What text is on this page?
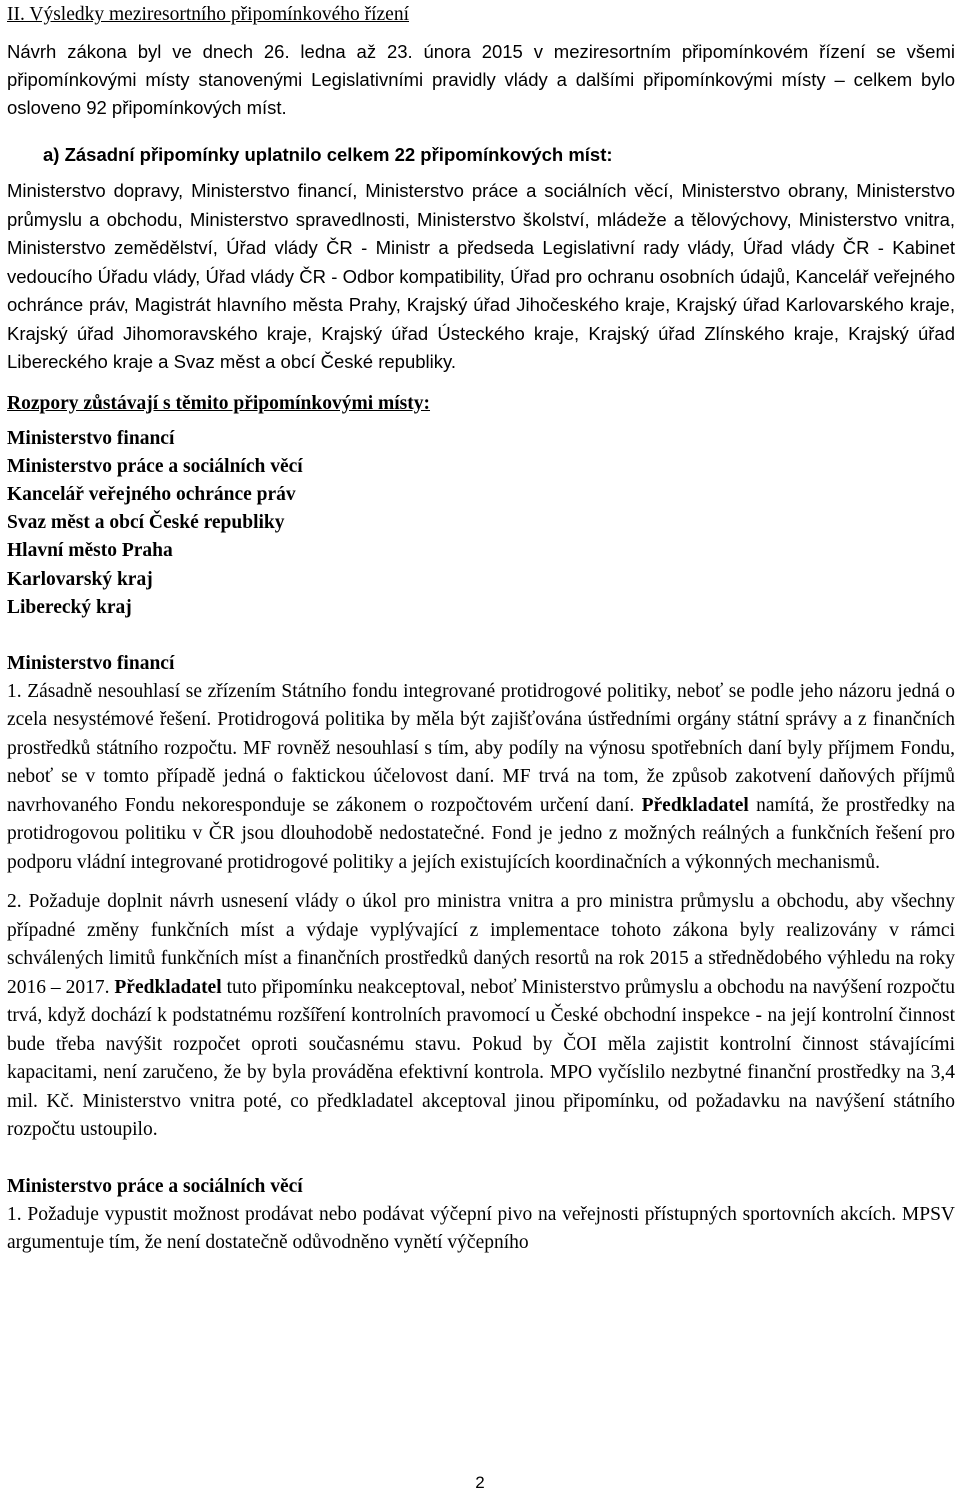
II. Výsledky meziresortního připomínkového řízení

Návrh zákona byl ve dnech 26. ledna až 23. února 2015 v meziresortním připomínkovém řízení se všemi připomínkovými místy stanovenými Legislativními pravidly vlády a dalšími připomínkovými místy – celkem bylo osloveno 92 připomínkových míst.

a) Zásadní připomínky uplatnilo celkem 22 připomínkových míst:

Ministerstvo dopravy, Ministerstvo financí, Ministerstvo práce a sociálních věcí, Ministerstvo obrany, Ministerstvo průmyslu a obchodu, Ministerstvo spravedlnosti, Ministerstvo školství, mládeže a tělovýchovy, Ministerstvo vnitra, Ministerstvo zemědělství, Úřad vlády ČR - Ministr a předseda Legislativní rady vlády, Úřad vlády ČR - Kabinet vedoucího Úřadu vlády, Úřad vlády ČR - Odbor kompatibility, Úřad pro ochranu osobních údajů, Kancelář veřejného ochránce práv, Magistrát hlavního města Prahy, Krajský úřad Jihočeského kraje, Krajský úřad Karlovarského kraje, Krajský úřad Jihomoravského kraje, Krajský úřad Ústeckého kraje, Krajský úřad Zlínského kraje, Krajský úřad Libereckého kraje a Svaz měst a obcí České republiky.

Rozpory zůstávají s těmito připomínkovými místy:
Ministerstvo financí
Ministerstvo práce a sociálních věcí
Kancelář veřejného ochránce práv
Svaz měst a obcí České republiky
Hlavní město Praha
Karlovarský kraj
Liberecký kraj
Ministerstvo financí

1. Zásadně nesouhlasí se zřízením Státního fondu integrované protidrogové politiky, neboť se podle jeho názoru jedná o zcela nesystémové řešení. Protidrogová politika by měla být zajišťována ústředními orgány státní správy a z finančních prostředků státního rozpočtu. MF rovněž nesouhlasí s tím, aby podíly na výnosu spotřebních daní byly příjmem Fondu, neboť se v tomto případě jedná o faktickou účelovost daní. MF trvá na tom, že způsob zakotvení daňových příjmů navrhovaného Fondu nekoresponduje se zákonem o rozpočtovém určení daní. Předkladatel namítá, že prostředky na protidrogovou politiku v ČR jsou dlouhodobě nedostatečné. Fond je jedno z možných reálných a funkčních řešení pro podporu vládní integrované protidrogové politiky a jejích existujících koordinačních a výkonných mechanismů.

2. Požaduje doplnit návrh usnesení vlády o úkol pro ministra vnitra a pro ministra průmyslu a obchodu, aby všechny případné změny funkčních míst a výdaje vyplývající z implementace tohoto zákona byly realizovány v rámci schválených limitů funkčních míst a finančních prostředků daných resortů na rok 2015 a střednědobého výhledu na roky 2016 – 2017. Předkladatel tuto připomínku neakceptoval, neboť Ministerstvo průmyslu a obchodu na navýšení rozpočtu trvá, když dochází k podstatnému rozšíření kontrolních pravomocí u České obchodní inspekce - na její kontrolní činnost bude třeba navýšit rozpočet oproti současnému stavu. Pokud by ČOI měla zajistit kontrolní činnost stávajícími kapacitami, není zaručeno, že by byla prováděna efektivní kontrola. MPO vyčíslilo nezbytné finanční prostředky na 3,4 mil. Kč. Ministerstvo vnitra poté, co předkladatel akceptoval jinou připomínku, od požadavku na navýšení státního rozpočtu ustoupilo.

Ministerstvo práce a sociálních věcí

1. Požaduje vypustit možnost prodávat nebo podávat výčepní pivo na veřejnosti přístupných sportovních akcích. MPSV argumentuje tím, že není dostatečně odůvodněno vynětí výčepního

2
